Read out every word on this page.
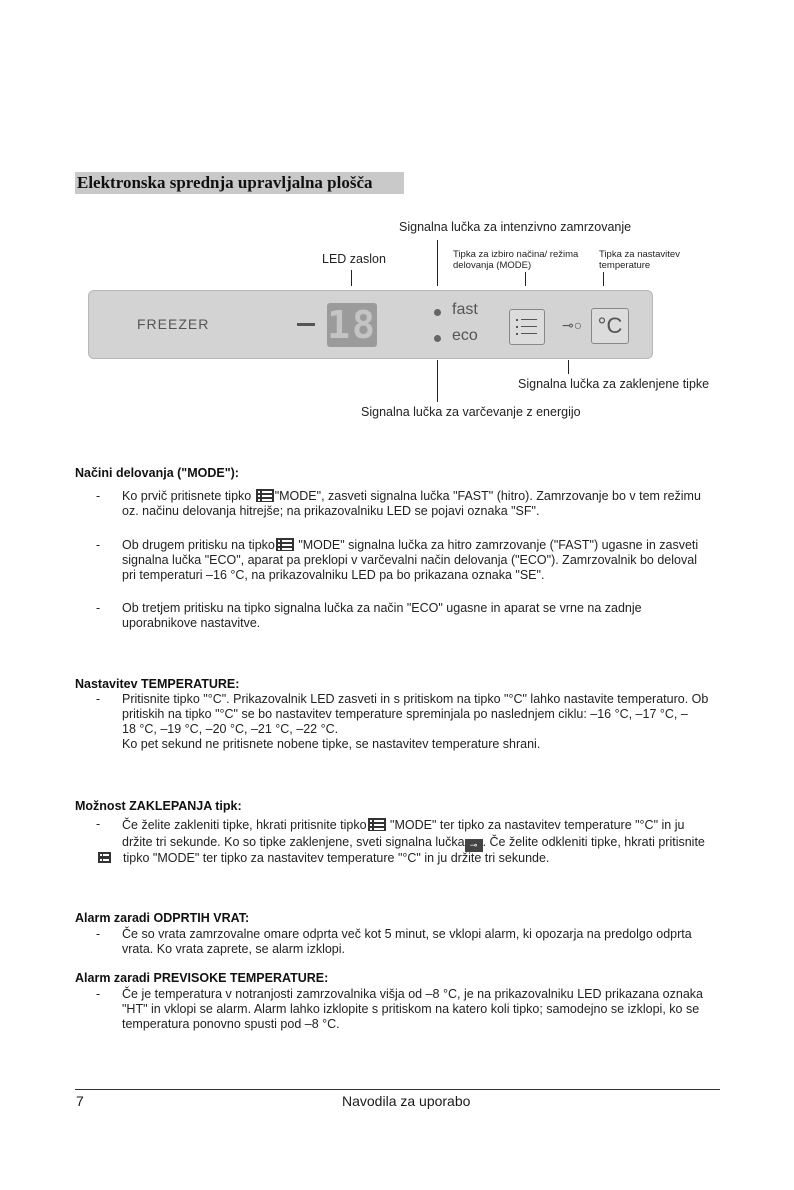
Elektronska sprednja upravljalna plošča
Signalna lučka za intenzivno zamrzovanje
LED zaslon	Tipka za izbiro načina/ režima delovanja (MODE)
Tipka za nastavitev temperature
FREEZER	18	fast
eco
⊸○ °C
Signalna lučka za zaklenjene tipke
Signalna lučka za varčevanje z energijo
Načini delovanja ("MODE"):
- Ko prvič pritisnete tipko
"MODE", zasveti signalna lučka "FAST" (hitro). Zamrzovanje bo v tem režimu
oz. načinu delovanja hitrejše; na prikazovalniku LED se pojavi oznaka "SF".
- Ob drugem pritisku na tipko
"MODE" signalna lučka za hitro zamrzovanje ("FAST") ugasne in zasveti
signalna lučka "ECO", aparat pa preklopi v varčevalni način delovanja ("ECO"). Zamrzovalnik bo deloval
pri temperaturi –16 °C, na prikazovalniku LED pa bo prikazana oznaka "SE".
- Ob tretjem pritisku na tipko signalna lučka za način "ECO" ugasne in aparat se vrne na zadnje
uporabnikove nastavitve.
Nastavitev TEMPERATURE:
- Pritisnite tipko "°C". Prikazovalnik LED zasveti in s pritiskom na tipko "°C" lahko nastavite temperaturo. Ob
pritiskih na tipko "°C" se bo nastavitev temperature spreminjala po naslednjem ciklu: –16 °C, –17 °C, –
18 °C, –19 °C, –20 °C, –21 °C, –22 °C.
Ko pet sekund ne pritisnete nobene tipke, se nastavitev temperature shrani.
Možnost ZAKLEPANJA tipk:
- Če želite zakleniti tipke, hkrati pritisnite tipko
"MODE" ter tipko za nastavitev temperature "°C" in ju
držite tri sekunde. Ko so tipke zaklenjene, sveti signalna lučka ⊸ . Če želite odkleniti tipke, hkrati pritisnite
tipko "MODE" ter tipko za nastavitev temperature "°C" in ju držite tri sekunde.
Alarm zaradi ODPRTIH VRAT:
- Če so vrata zamrzovalne omare odprta več kot 5 minut, se vklopi alarm, ki opozarja na predolgo odprta
vrata. Ko vrata zaprete, se alarm izklopi.
Alarm zaradi PREVISOKE TEMPERATURE:
- Če je temperatura v notranjosti zamrzovalnika višja od –8 °C, je na prikazovalniku LED prikazana oznaka
"HT" in vklopi se alarm. Alarm lahko izklopite s pritiskom na katero koli tipko; samodejno se izklopi, ko se
temperatura ponovno spusti pod –8 °C.
7	Navodila za uporabo
